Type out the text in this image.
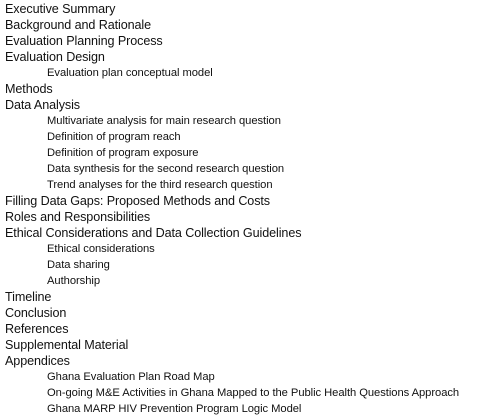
Executive Summary
Background and Rationale
Evaluation Planning Process
Evaluation Design
Evaluation plan conceptual model
Methods
Data Analysis
Multivariate analysis for main research question
Definition of program reach
Definition of program exposure
Data synthesis for the second research question
Trend analyses for the third research question
Filling Data Gaps: Proposed Methods and Costs
Roles and Responsibilities
Ethical Considerations and Data Collection Guidelines
Ethical considerations
Data sharing
Authorship
Timeline
Conclusion
References
Supplemental Material
Appendices
Ghana Evaluation Plan Road Map
On-going M&E Activities in Ghana Mapped to the Public Health Questions Approach
Ghana MARP HIV Prevention Program Logic Model
